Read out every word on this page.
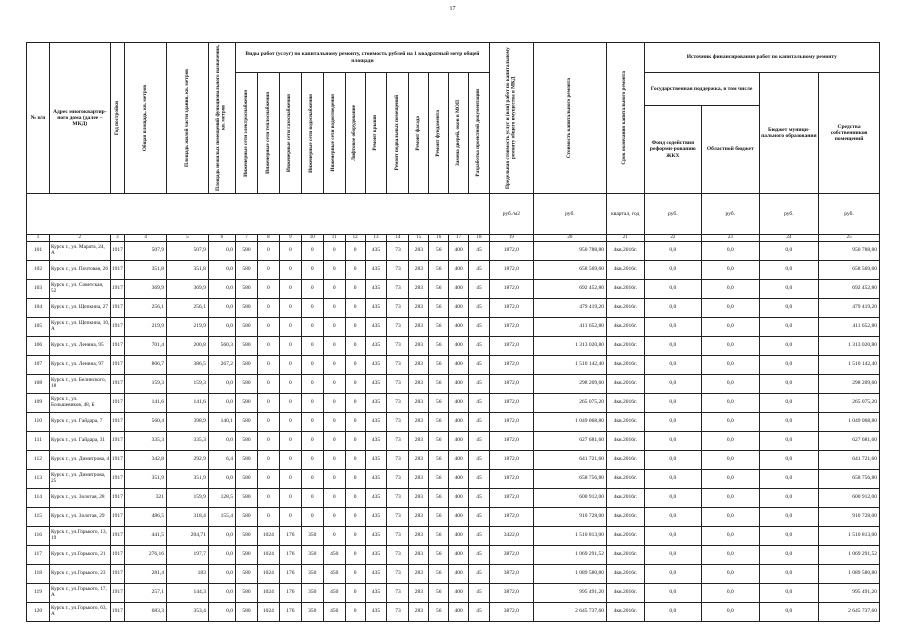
17
№ п/п	Адрес многоквартир-ного дома (далее – МКД)	Год постройки	Общая площадь, кв. метров	Площадь жилой части здания, кв. метров	Площадь нежилых помещений функционального назначения, кв. метров	Виды работ (услуг) по капитальному ремонту, стоимость рублей на 1 квадратный метр общей площади												Предельная стоимость услуг и (или) работ по капитальному ремонту общего имущества в МКД	Стоимость капитального ремонта	Срок окончания капитального ремонта	Источник финансирования работ по капитальному ремонту			

						Инженерные сети электроснабжения	Инженерные сети теплоснабжения	Инженерные сети газоснабжения	Инженерные сети водоснабжения	Инженерные сети водоотведения	Лифтовое оборудование	Ремонт крыши	Ремонт подвальных помещений	Ремонт фасада	Ремонт фундамента	Замена дверей, окон в МОП	Разработка проектной документации				Государственная поддержка, в том числе		Бюджет муници-пального образования	Средства собственников помещений
																					Фонд содействия реформи-рованию ЖКХ	Областной бюджет		
																		руб./м2	руб.	квартал, год	руб.	руб.	руб.	руб.
1	2	3	4	5	6	7	8	9	10	11	12	13	14	15	16	17	18	19	20	21	22	23	24	25
101	Курск г., ул. Марата, 24, А	1917	507,9	507,9	0,0	580	0	0	0	0	0	435	73	283	56	400	45	1872,0	950 788,80	4кв.2016г.	0,0	0,0	0,0	950 788,80
102	Курск г., ул. Почтовая, 26	1917	351,8	351,8	0,0	580	0	0	0	0	0	435	73	283	56	400	45	1872,0	658 569,60	4кв.2016г.	0,0	0,0	0,0	658 569,60
103	Курск г., ул. Советская, 52	1917	369,9	369,9	0,0	580	0	0	0	0	0	435	73	283	56	400	45	1872,0	692 452,80	4кв.2016г.	0,0	0,0	0,0	692 452,80
104	Курск г., ул. Щепкина, 27	1917	256,1	256,1	0,0	580	0	0	0	0	0	435	73	283	56	400	45	1872,0	479 419,20	4кв.2016г.	0,0	0,0	0,0	479 419,20
105	Курск г., ул. Щепкина, 10, А	1917	219,9	219,9	0,0	580	0	0	0	0	0	435	73	283	56	400	45	1872,0	411 652,80	4кв.2016г.	0,0	0,0	0,0	411 652,80
106	Курск г., ул. Ленина, 95	1917	701,4	200,8	560,3	580	0	0	0	0	0	435	73	283	56	400	45	1872,0	1 313 020,80	4кв.2016г.	0,0	0,0	0,0	1 313 020,80
107	Курск г., ул. Ленина, 97	1917	806,7	386,5	267,2	580	0	0	0	0	0	435	73	283	56	400	45	1872,0	1 510 142,40	4кв.2016г.	0,0	0,0	0,0	1 510 142,40
108	Курск г., ул. Белинского, 18	1917	159,3	159,3	0,0	580	0	0	0	0	0	435	73	283	56	400	45	1872,0	298 209,60	4кв.2016г.	0,0	0,0	0,0	298 209,60
109	Курск г., ул. Большевиков, 48, Б	1917	141,6	141,6	0,0	580	0	0	0	0	0	435	73	283	56	400	45	1872,0	265 075,20	4кв.2016г.	0,0	0,0	0,0	265 075,20
110	Курск г., ул. Гайдара, 7	1917	560,4	398,9	140,1	580	0	0	0	0	0	435	73	283	56	400	45	1872,0	1 049 068,80	4кв.2016г.	0,0	0,0	0,0	1 049 068,80
111	Курск г., ул. Гайдара, 31	1917	335,3	335,3	0,0	580	0	0	0	0	0	435	73	283	56	400	45	1872,0	627 681,60	4кв.2016г.	0,0	0,0	0,0	627 681,60
112	Курск г., ул. Димитрова, 4	1917	342,8	292,9	6,4	580	0	0	0	0	0	435	73	283	56	400	45	1872,0	641 721,60	4кв.2016г.	0,0	0,0	0,0	641 721,60
113	Курск г., ул. Димитрова, 25	1917	351,9	351,9	0,0	580	0	0	0	0	0	435	73	283	56	400	45	1872,0	658 756,80	4кв.2016г.	0,0	0,0	0,0	658 756,80
114	Курск г., ул. Золотая, 28	1917	321	159,9	128,5	580	0	0	0	0	0	435	73	283	56	400	45	1872,0	600 912,00	4кв.2016г.	0,0	0,0	0,0	600 912,00
115	Курск г., ул. Золотая, 29	1917	486,5	318,4	155,4	580	0	0	0	0	0	435	73	283	56	400	45	1872,0	910 728,00	4кв.2016г.	0,0	0,0	0,0	910 728,00
116	Курск г., ул.Горького, 13, 19	1917	441,5	204,71	0,0	580	1024	176	350	0	0	435	73	283	56	400	45	3422,0	1 510 813,00	4кв.2016г.	0,0	0,0	0,0	1 510 813,00
117	Курск г., ул.Горького, 21	1917	276,16	197,7	0,0	580	1024	176	350	450	0	435	73	283	56	400	45	3872,0	1 069 291,52	4кв.2016г.	0,0	0,0	0,0	1 069 291,52
118	Курск г., ул.Горького, 23	1917	281,4	183	0,0	580	1024	176	350	450	0	435	73	283	56	400	45	3872,0	1 089 580,80	4кв.2016г.	0,0	0,0	0,0	1 089 580,80
119	Курск г., ул.Горького, 17, А	1917	257,1	144,3	0,0	580	1024	176	350	450	0	435	73	283	56	400	45	3872,0	995 491,20	4кв.2016г.	0,0	0,0	0,0	995 491,20
120	Курск г., ул.Горького, 63, А	1917	683,3	353,4	0,0	580	1024	176	350	450	0	435	73	283	56	400	45	3872,0	2 645 737,60	4кв.2016г.	0,0	0,0	0,0	2 645 737,60
